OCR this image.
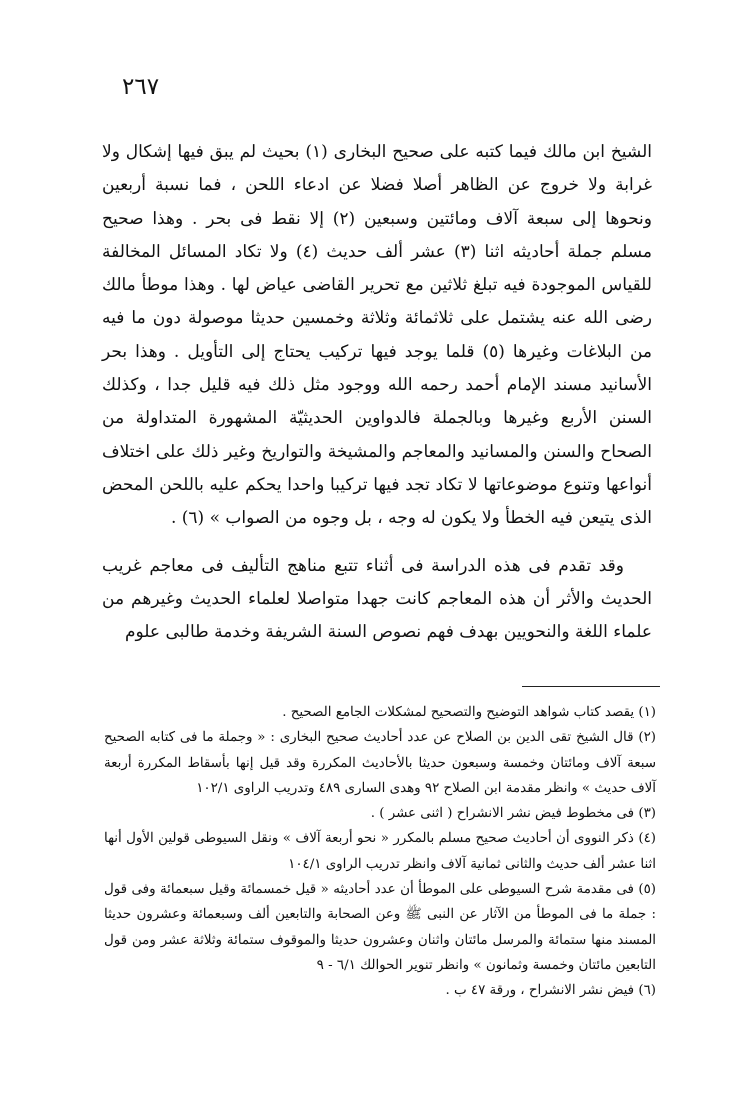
٢٦٧

الشيخ ابن مالك فيما كتبه على صحيح البخارى (١) بحيث لم يبق فيها إشكال ولا غرابة ولا خروج عن الظاهر أصلا فضلا عن ادعاء اللحن ، فما نسبة أربعين ونحوها إلى سبعة آلاف ومائتين وسبعين (٢) إلا نقط فى بحر . وهذا صحيح مسلم جملة أحاديثه اثنا (٣) عشر ألف حديث (٤) ولا تكاد المسائل المخالفة للقياس الموجودة فيه تبلغ ثلاثين مع تحرير القاضى عياض لها . وهذا موطأ مالك رضى الله عنه يشتمل على ثلاثمائة وثلاثة وخمسين حديثا موصولة دون ما فيه من البلاغات وغيرها (٥) قلما يوجد فيها تركيب يحتاج إلى التأويل . وهذا بحر الأسانيد مسند الإمام أحمد رحمه الله ووجود مثل ذلك فيه قليل جدا ، وكذلك السنن الأربع وغيرها وبالجملة فالدواوين الحديثيّة المشهورة المتداولة من الصحاح والسنن والمسانيد والمعاجم والمشيخة والتواريخ وغير ذلك على اختلاف أنواعها وتنوع موضوعاتها لا تكاد تجد فيها تركيبا واحدا يحكم عليه باللحن المحض الذى يتيعن فيه الخطأ ولا يكون له وجه ، بل وجوه من الصواب » (٦) .

وقد تقدم فى هذه الدراسة فى أثناء تتبع مناهج التأليف فى معاجم غريب الحديث والأثر أن هذه المعاجم كانت جهدا متواصلا لعلماء الحديث وغيرهم من علماء اللغة والنحويين بهدف فهم نصوص السنة الشريفة وخدمة طالبى علوم

(١) يقصد كتاب شواهد التوضيح والتصحيح لمشكلات الجامع الصحيح .

(٢) قال الشيخ تقى الدين بن الصلاح عن عدد أحاديث صحيح البخارى : « وجملة ما فى كتابه الصحيح سبعة آلاف ومائتان وخمسة وسبعون حديثا بالأحاديث المكررة وقد قيل إنها بأسقاط المكررة أربعة آلاف حديث » وانظر مقدمة ابن الصلاح ٩٢ وهدى السارى ٤٨٩ وتدريب الراوى ١٠٢/١

(٣) فى مخطوط فيض نشر الانشراح ( اثنى عشر ) .

(٤) ذكر النووى أن أحاديث صحيح مسلم بالمكرر « نحو أربعة آلاف » ونقل السيوطى قولين الأول أنها اثنا عشر ألف حديث والثانى ثمانية آلاف وانظر تدريب الراوى ١٠٤/١

(٥) فى مقدمة شرح السيوطى على الموطأ أن عدد أحاديثه « قيل خمسمائة وقيل سبعمائة وفى قول : جملة ما فى الموطأ من الآثار عن النبى ﷺ وعن الصحابة والتابعين ألف وسبعمائة وعشرون حديثا المسند منها ستمائة والمرسل مائتان واثنان وعشرون حديثا والموقوف ستمائة وثلاثة عشر ومن قول التابعين مائتان وخمسة وثمانون » وانظر تنوير الحوالك ٦/١ - ٩

(٦) فيض نشر الانشراح ، ورقة ٤٧ ب .
